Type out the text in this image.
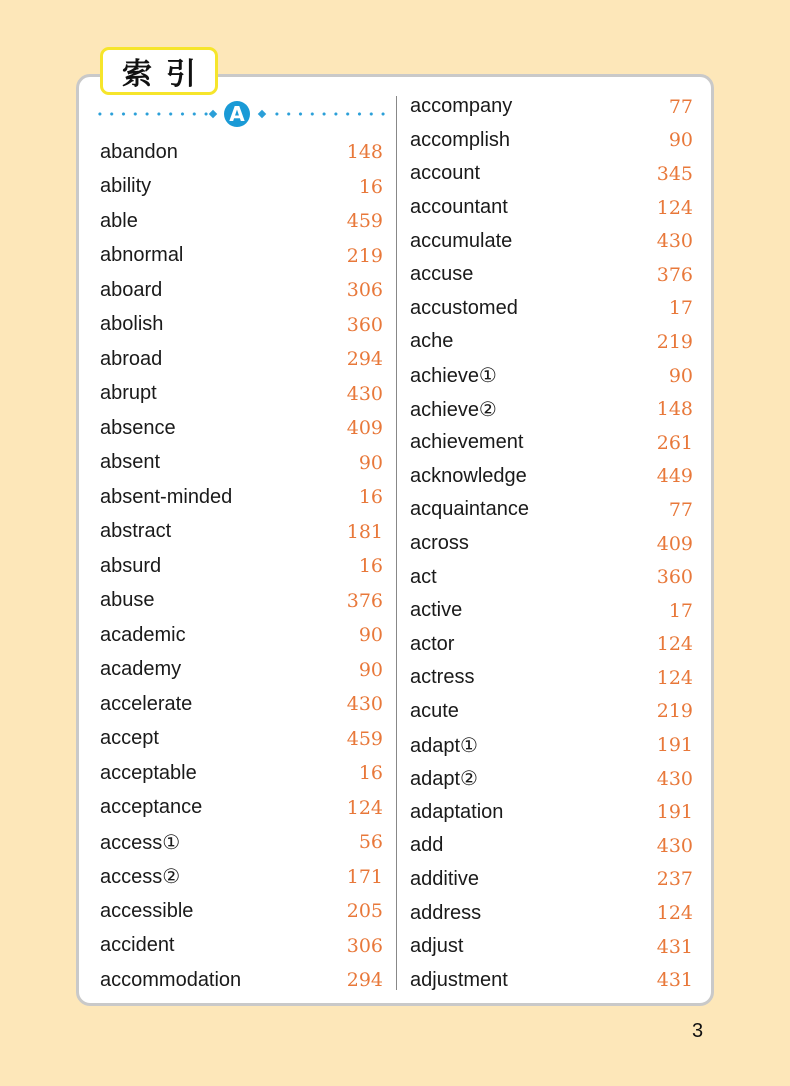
索引
A
abandon	148
ability	16
able	459
abnormal	219
aboard	306
abolish	360
abroad	294
abrupt	430
absence	409
absent	90
absent-minded	16
abstract	181
absurd	16
abuse	376
academic	90
academy	90
accelerate	430
accept	459
acceptable	16
acceptance	124
access①	56
access②	171
accessible	205
accident	306
accommodation	294
accompany	77
accomplish	90
account	345
accountant	124
accumulate	430
accuse	376
accustomed	17
ache	219
achieve①	90
achieve②	148
achievement	261
acknowledge	449
acquaintance	77
across	409
act	360
active	17
actor	124
actress	124
acute	219
adapt①	191
adapt②	430
adaptation	191
add	430
additive	237
address	124
adjust	431
adjustment	431
3
